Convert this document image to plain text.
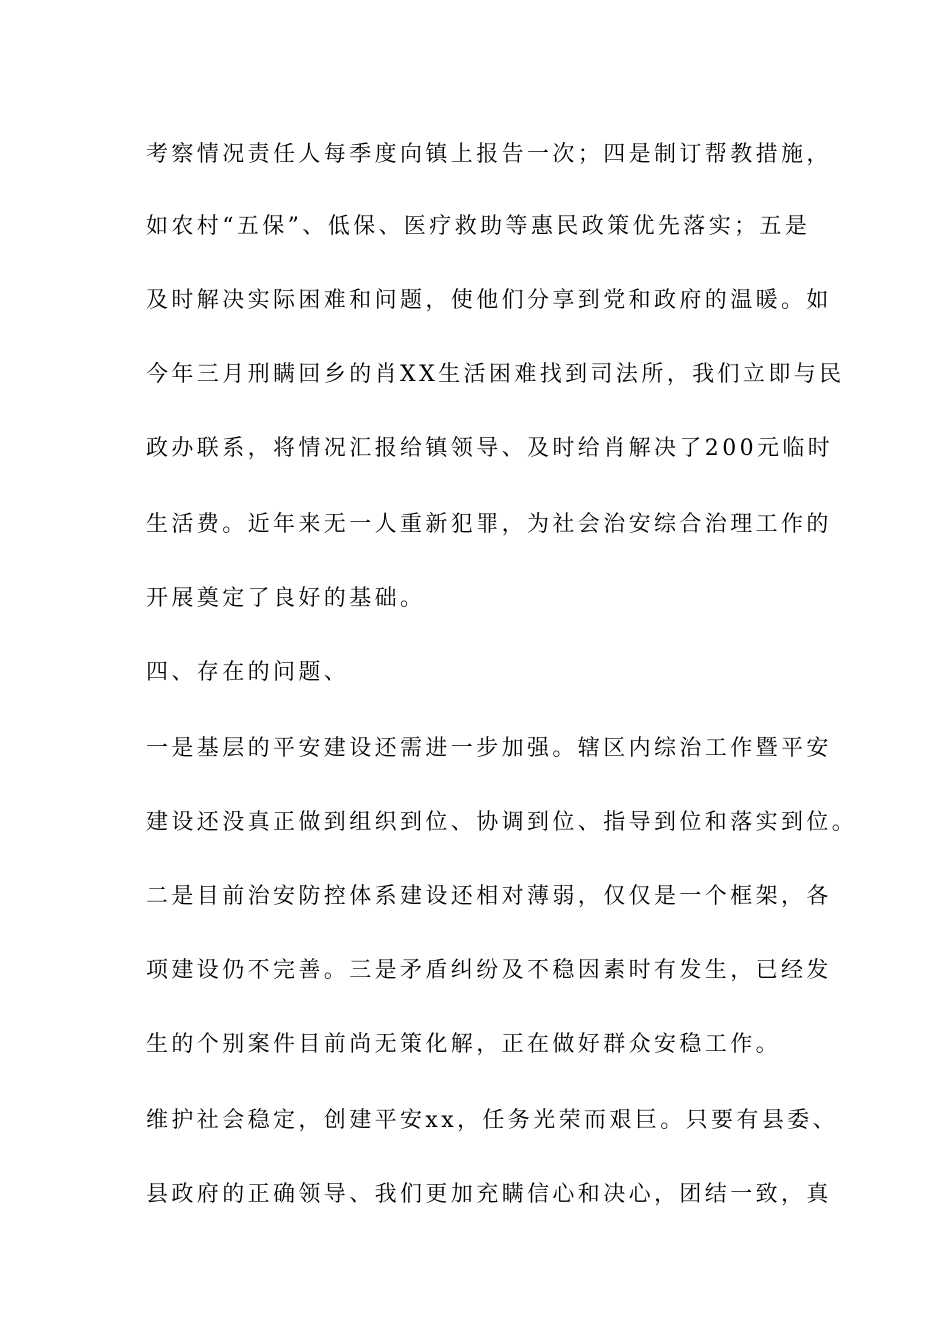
考察情况责任人每季度向镇上报告一次；四是制订帮教措施，
如农村“五保”、低保、医疗救助等惠民政策优先落实；五是
及时解决实际困难和问题，使他们分享到党和政府的温暖。如
今年三月刑瞒回乡的肖XX生活困难找到司法所，我们立即与民
政办联系，将情况汇报给镇领导、及时给肖解决了200元临时
生活费。近年来无一人重新犯罪，为社会治安综合治理工作的
开展奠定了良好的基础。
四、存在的问题、
一是基层的平安建设还需进一步加强。辖区内综治工作暨平安
建设还没真正做到组织到位、协调到位、指导到位和落实到位。
二是目前治安防控体系建设还相对薄弱，仅仅是一个框架，各
项建设仍不完善。三是矛盾纠纷及不稳因素时有发生，已经发
生的个别案件目前尚无策化解，正在做好群众安稳工作。
维护社会稳定，创建平安xx，任务光荣而艰巨。只要有县委、
县政府的正确领导、我们更加充瞒信心和决心，团结一致，真
